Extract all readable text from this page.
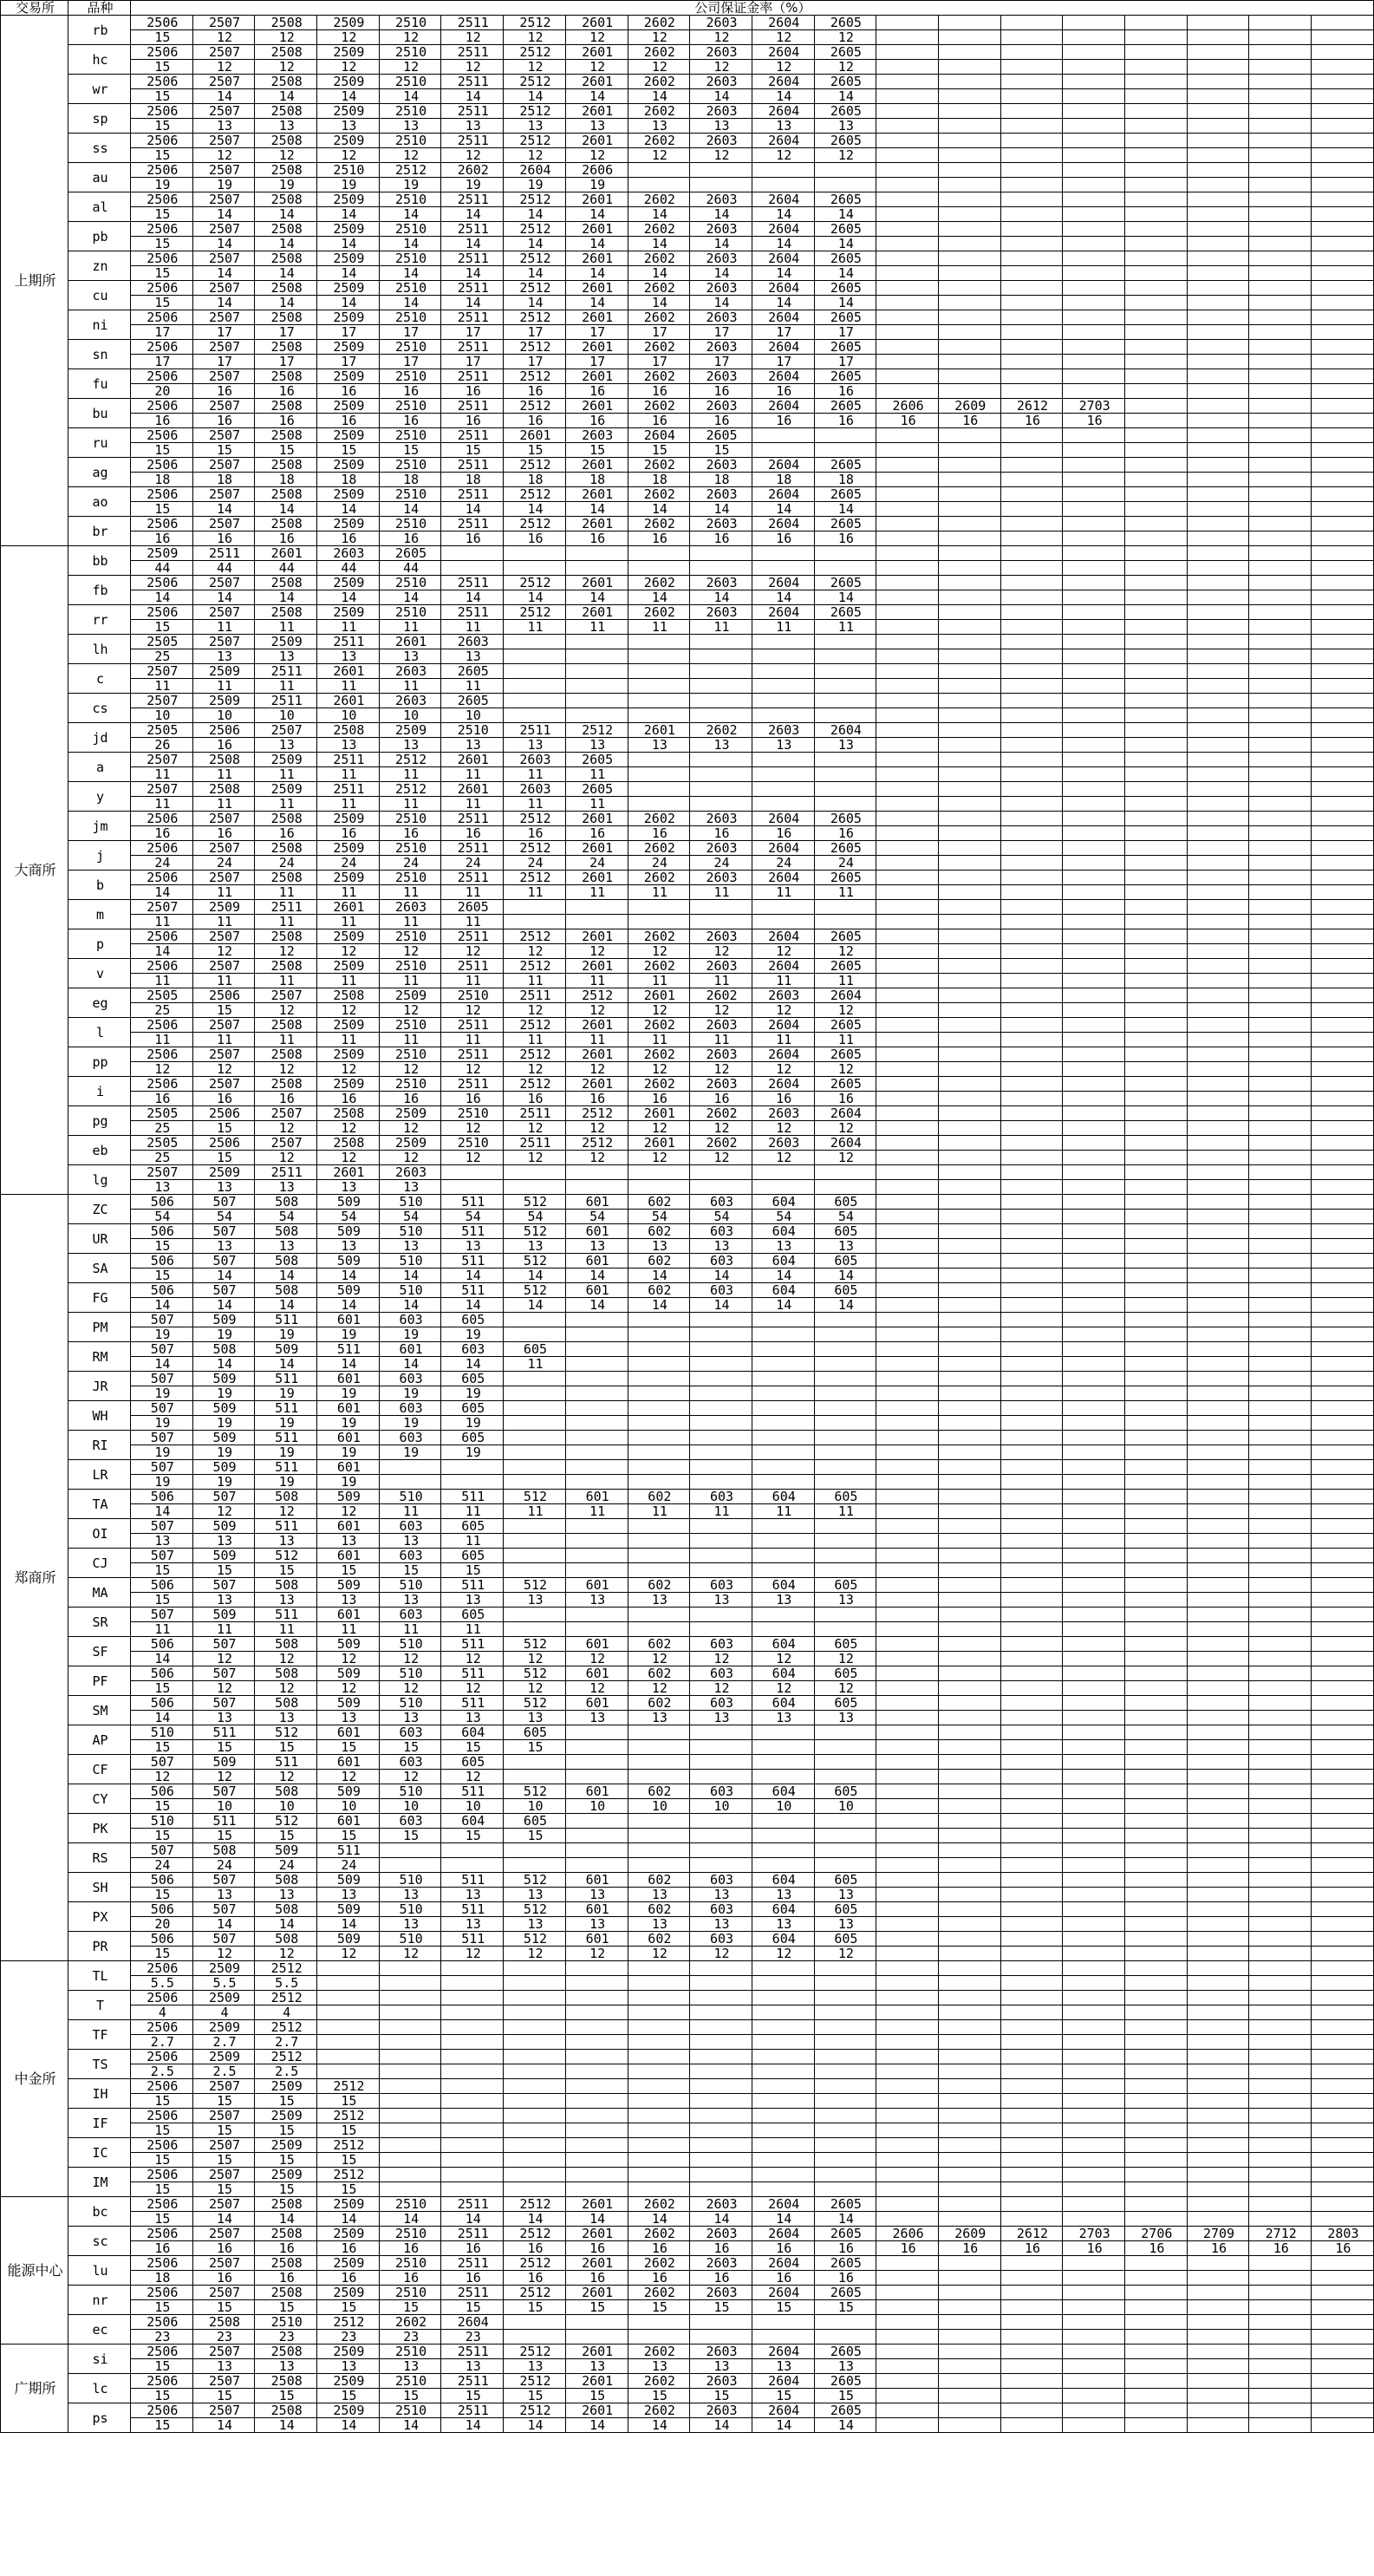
交易所	品种	公司保证金率（%）																			
上期所	rb	2506	2507	2508	2509	2510	2511	2512	2601	2602	2603	2604	2605								
		15	12	12	12	12	12	12	12	12	12	12	12								
	hc	2506	2507	2508	2509	2510	2511	2512	2601	2602	2603	2604	2605								
		15	12	12	12	12	12	12	12	12	12	12	12								
	wr	2506	2507	2508	2509	2510	2511	2512	2601	2602	2603	2604	2605								
		15	14	14	14	14	14	14	14	14	14	14	14								
	sp	2506	2507	2508	2509	2510	2511	2512	2601	2602	2603	2604	2605								
		15	13	13	13	13	13	13	13	13	13	13	13								
	ss	2506	2507	2508	2509	2510	2511	2512	2601	2602	2603	2604	2605								
		15	12	12	12	12	12	12	12	12	12	12	12								
	au	2506	2507	2508	2510	2512	2602	2604	2606												
		19	19	19	19	19	19	19	19												
	al	2506	2507	2508	2509	2510	2511	2512	2601	2602	2603	2604	2605								
		15	14	14	14	14	14	14	14	14	14	14	14								
	pb	2506	2507	2508	2509	2510	2511	2512	2601	2602	2603	2604	2605								
		15	14	14	14	14	14	14	14	14	14	14	14								
	zn	2506	2507	2508	2509	2510	2511	2512	2601	2602	2603	2604	2605								
		15	14	14	14	14	14	14	14	14	14	14	14								
	cu	2506	2507	2508	2509	2510	2511	2512	2601	2602	2603	2604	2605								
		15	14	14	14	14	14	14	14	14	14	14	14								
	ni	2506	2507	2508	2509	2510	2511	2512	2601	2602	2603	2604	2605								
		17	17	17	17	17	17	17	17	17	17	17	17								
	sn	2506	2507	2508	2509	2510	2511	2512	2601	2602	2603	2604	2605								
		17	17	17	17	17	17	17	17	17	17	17	17								
	fu	2506	2507	2508	2509	2510	2511	2512	2601	2602	2603	2604	2605								
		20	16	16	16	16	16	16	16	16	16	16	16								
	bu	2506	2507	2508	2509	2510	2511	2512	2601	2602	2603	2604	2605	2606	2609	2612	2703				
		16	16	16	16	16	16	16	16	16	16	16	16	16	16	16	16				
	ru	2506	2507	2508	2509	2510	2511	2601	2603	2604	2605										
		15	15	15	15	15	15	15	15	15	15										
	ag	2506	2507	2508	2509	2510	2511	2512	2601	2602	2603	2604	2605								
		18	18	18	18	18	18	18	18	18	18	18	18								
	ao	2506	2507	2508	2509	2510	2511	2512	2601	2602	2603	2604	2605								
		15	14	14	14	14	14	14	14	14	14	14	14								
	br	2506	2507	2508	2509	2510	2511	2512	2601	2602	2603	2604	2605								
		16	16	16	16	16	16	16	16	16	16	16	16								
大商所	bb	2509	2511	2601	2603	2605															
		44	44	44	44	44															
	fb	2506	2507	2508	2509	2510	2511	2512	2601	2602	2603	2604	2605								
		14	14	14	14	14	14	14	14	14	14	14	14								
	rr	2506	2507	2508	2509	2510	2511	2512	2601	2602	2603	2604	2605								
		15	11	11	11	11	11	11	11	11	11	11	11								
	lh	2505	2507	2509	2511	2601	2603														
		25	13	13	13	13	13														
	c	2507	2509	2511	2601	2603	2605														
		11	11	11	11	11	11														
	cs	2507	2509	2511	2601	2603	2605														
		10	10	10	10	10	10														
	jd	2505	2506	2507	2508	2509	2510	2511	2512	2601	2602	2603	2604								
		26	16	13	13	13	13	13	13	13	13	13	13								
	a	2507	2508	2509	2511	2512	2601	2603	2605												
		11	11	11	11	11	11	11	11												
	y	2507	2508	2509	2511	2512	2601	2603	2605												
		11	11	11	11	11	11	11	11												
	jm	2506	2507	2508	2509	2510	2511	2512	2601	2602	2603	2604	2605								
		16	16	16	16	16	16	16	16	16	16	16	16								
	j	2506	2507	2508	2509	2510	2511	2512	2601	2602	2603	2604	2605								
		24	24	24	24	24	24	24	24	24	24	24	24								
	b	2506	2507	2508	2509	2510	2511	2512	2601	2602	2603	2604	2605								
		14	11	11	11	11	11	11	11	11	11	11	11								
	m	2507	2509	2511	2601	2603	2605														
		11	11	11	11	11	11														
	p	2506	2507	2508	2509	2510	2511	2512	2601	2602	2603	2604	2605								
		14	12	12	12	12	12	12	12	12	12	12	12								
	v	2506	2507	2508	2509	2510	2511	2512	2601	2602	2603	2604	2605								
		11	11	11	11	11	11	11	11	11	11	11	11								
	eg	2505	2506	2507	2508	2509	2510	2511	2512	2601	2602	2603	2604								
		25	15	12	12	12	12	12	12	12	12	12	12								
	l	2506	2507	2508	2509	2510	2511	2512	2601	2602	2603	2604	2605								
		11	11	11	11	11	11	11	11	11	11	11	11								
	pp	2506	2507	2508	2509	2510	2511	2512	2601	2602	2603	2604	2605								
		12	12	12	12	12	12	12	12	12	12	12	12								
	i	2506	2507	2508	2509	2510	2511	2512	2601	2602	2603	2604	2605								
		16	16	16	16	16	16	16	16	16	16	16	16								
	pg	2505	2506	2507	2508	2509	2510	2511	2512	2601	2602	2603	2604								
		25	15	12	12	12	12	12	12	12	12	12	12								
	eb	2505	2506	2507	2508	2509	2510	2511	2512	2601	2602	2603	2604								
		25	15	12	12	12	12	12	12	12	12	12	12								
	lg	2507	2509	2511	2601	2603															
		13	13	13	13	13															
郑商所	ZC	506	507	508	509	510	511	512	601	602	603	604	605								
		54	54	54	54	54	54	54	54	54	54	54	54								
	UR	506	507	508	509	510	511	512	601	602	603	604	605								
		15	13	13	13	13	13	13	13	13	13	13	13								
	SA	506	507	508	509	510	511	512	601	602	603	604	605								
		15	14	14	14	14	14	14	14	14	14	14	14								
	FG	506	507	508	509	510	511	512	601	602	603	604	605								
		14	14	14	14	14	14	14	14	14	14	14	14								
	PM	507	509	511	601	603	605														
		19	19	19	19	19	19														
	RM	507	508	509	511	601	603	605													
		14	14	14	14	14	14	11													
	JR	507	509	511	601	603	605														
		19	19	19	19	19	19														
	WH	507	509	511	601	603	605														
		19	19	19	19	19	19														
	RI	507	509	511	601	603	605														
		19	19	19	19	19	19														
	LR	507	509	511	601																
		19	19	19	19																
	TA	506	507	508	509	510	511	512	601	602	603	604	605								
		14	12	12	12	11	11	11	11	11	11	11	11								
	OI	507	509	511	601	603	605														
		13	13	13	13	13	11														
	CJ	507	509	512	601	603	605														
		15	15	15	15	15	15														
	MA	506	507	508	509	510	511	512	601	602	603	604	605								
		15	13	13	13	13	13	13	13	13	13	13	13								
	SR	507	509	511	601	603	605														
		11	11	11	11	11	11														
	SF	506	507	508	509	510	511	512	601	602	603	604	605								
		14	12	12	12	12	12	12	12	12	12	12	12								
	PF	506	507	508	509	510	511	512	601	602	603	604	605								
		15	12	12	12	12	12	12	12	12	12	12	12								
	SM	506	507	508	509	510	511	512	601	602	603	604	605								
		14	13	13	13	13	13	13	13	13	13	13	13								
	AP	510	511	512	601	603	604	605													
		15	15	15	15	15	15	15													
	CF	507	509	511	601	603	605														
		12	12	12	12	12	12														
	CY	506	507	508	509	510	511	512	601	602	603	604	605								
		15	10	10	10	10	10	10	10	10	10	10	10								
	PK	510	511	512	601	603	604	605													
		15	15	15	15	15	15	15													
	RS	507	508	509	511																
		24	24	24	24																
	SH	506	507	508	509	510	511	512	601	602	603	604	605								
		15	13	13	13	13	13	13	13	13	13	13	13								
	PX	506	507	508	509	510	511	512	601	602	603	604	605								
		20	14	14	14	13	13	13	13	13	13	13	13								
	PR	506	507	508	509	510	511	512	601	602	603	604	605								
		15	12	12	12	12	12	12	12	12	12	12	12								
中金所	TL	2506	2509	2512																	
		5.5	5.5	5.5																	
	T	2506	2509	2512																	
		4	4	4																	
	TF	2506	2509	2512																	
		2.7	2.7	2.7																	
	TS	2506	2509	2512																	
		2.5	2.5	2.5																	
	IH	2506	2507	2509	2512																
		15	15	15	15																
	IF	2506	2507	2509	2512																
		15	15	15	15																
	IC	2506	2507	2509	2512																
		15	15	15	15																
	IM	2506	2507	2509	2512																
		15	15	15	15																
能源中心	bc	2506	2507	2508	2509	2510	2511	2512	2601	2602	2603	2604	2605								
		15	14	14	14	14	14	14	14	14	14	14	14								
	sc	2506	2507	2508	2509	2510	2511	2512	2601	2602	2603	2604	2605	2606	2609	2612	2703	2706	2709	2712	2803
		16	16	16	16	16	16	16	16	16	16	16	16	16	16	16	16	16	16	16	16
	lu	2506	2507	2508	2509	2510	2511	2512	2601	2602	2603	2604	2605								
		18	16	16	16	16	16	16	16	16	16	16	16								
	nr	2506	2507	2508	2509	2510	2511	2512	2601	2602	2603	2604	2605								
		15	15	15	15	15	15	15	15	15	15	15	15								
	ec	2506	2508	2510	2512	2602	2604														
		23	23	23	23	23	23														
广期所	si	2506	2507	2508	2509	2510	2511	2512	2601	2602	2603	2604	2605								
		15	13	13	13	13	13	13	13	13	13	13	13								
	lc	2506	2507	2508	2509	2510	2511	2512	2601	2602	2603	2604	2605								
		15	15	15	15	15	15	15	15	15	15	15	15								
	ps	2506	2507	2508	2509	2510	2511	2512	2601	2602	2603	2604	2605								
		15	14	14	14	14	14	14	14	14	14	14	14								
